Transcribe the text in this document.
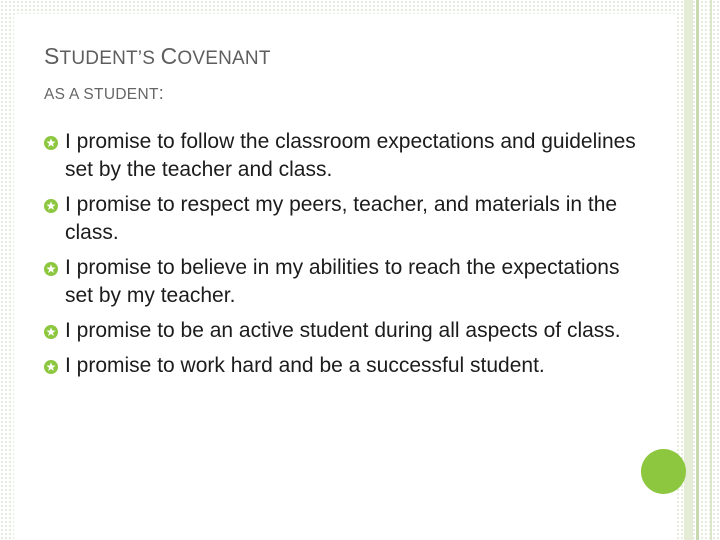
STUDENT’S COVENANT
AS A STUDENT:
I promise to follow the classroom expectations and guidelines set by the teacher and class.
I promise to respect my peers, teacher, and materials in the class.
I promise to believe in my abilities to reach the expectations set by my teacher.
I promise to be an active student during all aspects of class.
I promise to work hard and be a successful student.
